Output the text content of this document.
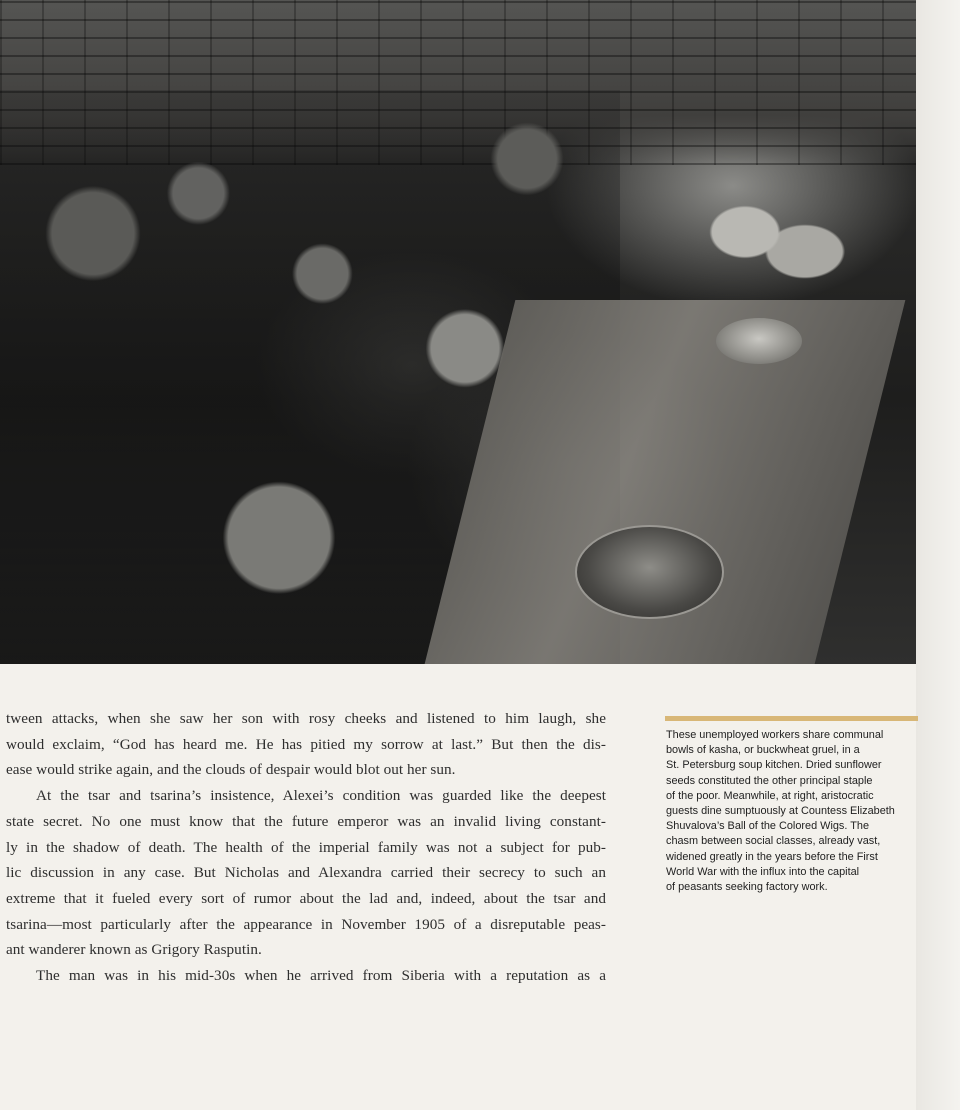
tween attacks, when she saw her son with rosy cheeks and listened to him laugh, she
would exclaim, “God has heard me. He has pitied my sorrow at last.” But then the dis-
ease would strike again, and the clouds of despair would blot out her sun.
At the tsar and tsarina’s insistence, Alexei’s condition was guarded like the deepest
state secret. No one must know that the future emperor was an invalid living constant-
ly in the shadow of death. The health of the imperial family was not a subject for pub-
lic discussion in any case. But Nicholas and Alexandra carried their secrecy to such an
extreme that it fueled every sort of rumor about the lad and, indeed, about the tsar and
tsarina—most particularly after the appearance in November 1905 of a disreputable peas-
ant wanderer known as Grigory Rasputin.
The man was in his mid-30s when he arrived from Siberia with a reputation as a
These unemployed workers share communal
bowls of kasha, or buckwheat gruel, in a
St. Petersburg soup kitchen. Dried sunflower
seeds constituted the other principal staple
of the poor. Meanwhile, at right, aristocratic
guests dine sumptuously at Countess Elizabeth
Shuvalova’s Ball of the Colored Wigs. The
chasm between social classes, already vast,
widened greatly in the years before the First
World War with the influx into the capital
of peasants seeking factory work.
